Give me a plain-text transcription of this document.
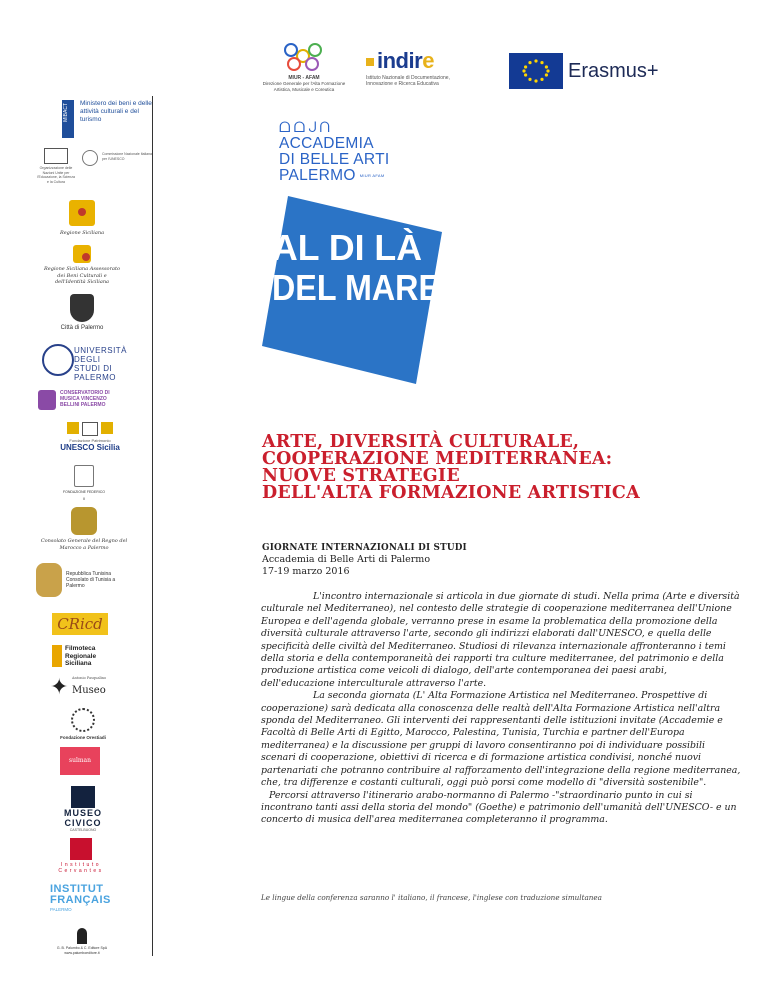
MIUR - AFAM
Direzione Generale per l'Alta Formazione
Artistica, Musicale e Coreutica
indire
Istituto Nazionale di Documentazione, Innovazione e Ricerca Educativa
Erasmus+
MIBACT Ministero dei beni e delle attività culturali e del turismo
Organizzazione delle Nazioni Unite per l'Educazione, la Scienza e la Cultura
Commissione Nazionale Italiana per l'UNESCO
Regione Siciliana
Regione Siciliana Assessorato dei Beni Culturali e dell'Identità Siciliana
Città di Palermo
UNIVERSITÀ DEGLI STUDI DI PALERMO
CONSERVATORIO DI MUSICA VINCENZO BELLINI PALERMO
Fondazione Patrimonio
UNESCO Sicilia
FONDAZIONE FEDERICO II
Consolato Generale del Regno del Marocco a Palermo
Repubblica Tunisina Consolato di Tunisia a Palermo
CRicd
Filmoteca Regionale Siciliana
✦ Antonio Pasqualino
Museo
Fondazione Orestiadi
sulman
MUSEO CIVICO
CASTELBUONO
Instituto Cervantes
INSTITUT
FRANÇAIS
PALERMO
G. B. Palumbo & C. Editore SpA www.palumboeditore.it
ᗝᗝᒍᑎ
ACCADEMIA
DI BELLE ARTI
PALERMO $^{MIUR AFAM}$
AL DI LÀ
DEL MARE
ما بعد البحر
ARTE, DIVERSITÀ CULTURALE,
COOPERAZIONE MEDITERRANEA:
NUOVE STRATEGIE
DELL'ALTA FORMAZIONE ARTISTICA
GIORNATE INTERNAZIONALI DI STUDI
Accademia di Belle Arti di Palermo
17-19 marzo 2016

L'incontro internazionale si articola in due giornate di studi. Nella prima (Arte e diversità culturale nel Mediterraneo), nel contesto delle strategie di cooperazione mediterranea dell'Unione Europea e dell'agenda globale, verranno prese in esame la problematica della promozione della diversità culturale attraverso l'arte, secondo gli indirizzi elaborati dall'UNESCO, e quella delle specificità delle civiltà del Mediterraneo. Studiosi di rilevanza internazionale affronteranno i temi della storia e della contemporaneità dei rapporti tra culture mediterranee, del patrimonio e della produzione artistica come veicoli di dialogo, dell'arte contemporanea dei paesi arabi, dell'educazione interculturale attraverso l'arte.

La seconda giornata (L' Alta Formazione Artistica nel Mediterraneo. Prospettive di cooperazione) sarà dedicata alla conoscenza delle realtà dell'Alta Formazione Artistica nell'altra sponda del Mediterraneo. Gli interventi dei rappresentanti delle istituzioni invitate (Accademie e Facoltà di Belle Arti di Egitto, Marocco, Palestina, Tunisia, Turchia e partner dell'Europa mediterranea) e la discussione per gruppi di lavoro consentiranno poi di individuare possibili scenari di cooperazione, obiettivi di ricerca e di formazione artistica condivisi, nonché nuovi partenariati che potranno contribuire al rafforzamento dell'integrazione della regione mediterranea, che, tra differenze e costanti culturali, oggi può porsi come modello di "diversità sostenibile".

Percorsi attraverso l'itinerario arabo-normanno di Palermo -"straordinario punto in cui si incontrano tanti assi della storia del mondo" (Goethe) e patrimonio dell'umanità dell'UNESCO- e un concerto di musica dell'area mediterranea completeranno il programma.

Le lingue della conferenza saranno l' italiano, il francese, l'inglese con traduzione simultanea
